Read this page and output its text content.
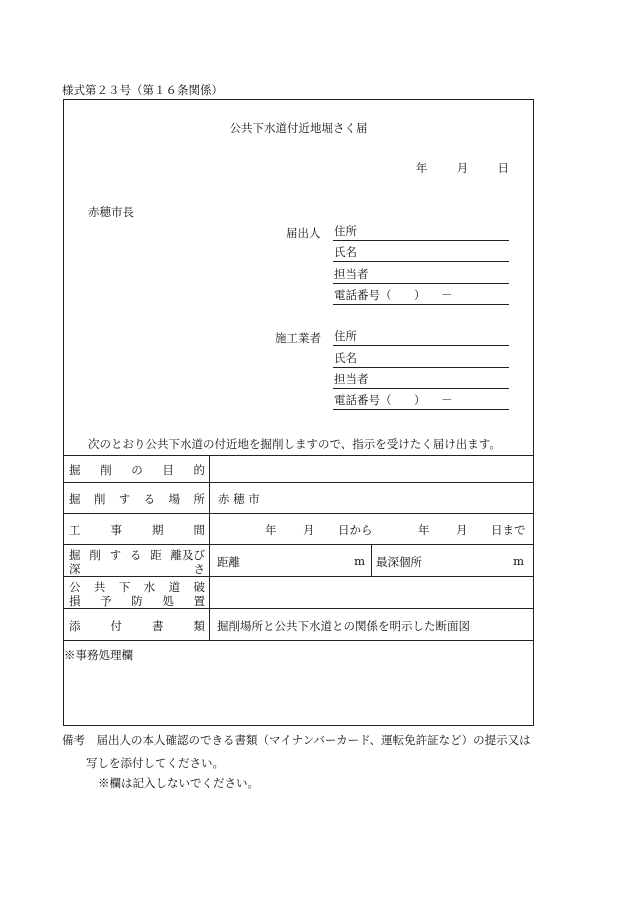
様式第２３号（第１６条関係）
公共下水道付近地堀さく届
年	月	日
赤穂市長
届出人 住所
氏名
担当者
電話番号（ ） －
施工業者 住所
氏名
担当者
電話番号（ ） －
次のとおり公共下水道の付近地を掘削しますので、指示を受けたく届け出ます。
掘 削 の 目 的
掘 削 す る 場 所 赤 穂 市
工	事	期	間	年 月 日から	年 月 日まで
掘 削 す る 距 離及び
深	さ 距離	m 最深個所	m
公 共 下 水 道 破
損 予 防 処 置
添	付	書	類 掘削場所と公共下水道との関係を明示した断面図
※事務処理欄
備考　届出人の本人確認のできる書類（マイナンバーカード、運転免許証など）の提示又は
写しを添付してください。
※欄は記入しないでください。
